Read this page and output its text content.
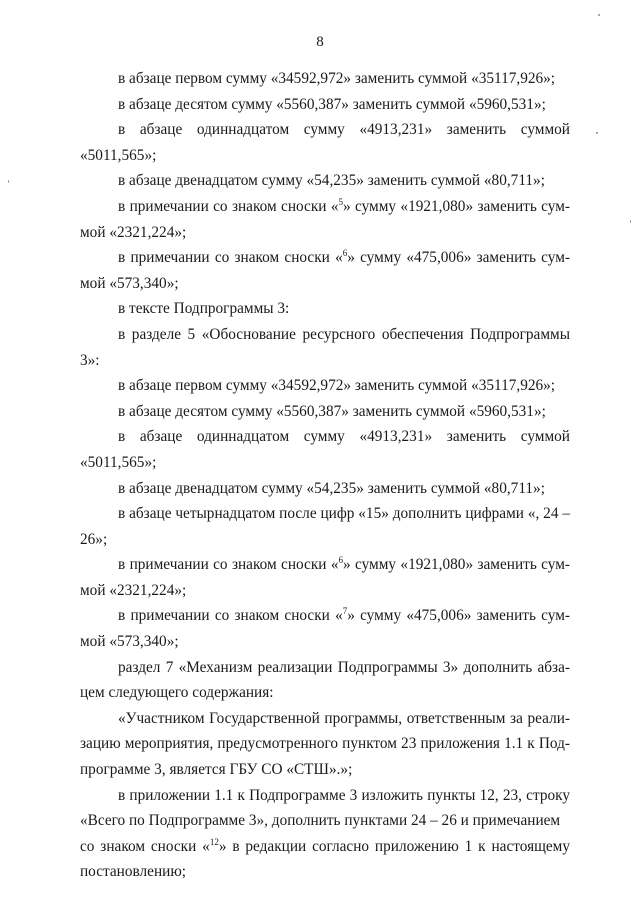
8

в абзаце первом сумму «34592,972» заменить суммой «35117,926»;

в абзаце десятом сумму «5560,387» заменить суммой «5960,531»;

в абзаце одиннадцатом сумму «4913,231» заменить суммой «5011,565»;

в абзаце двенадцатом сумму «54,235» заменить суммой «80,711»;

в примечании со знаком сноски «$^5$» сумму «1921,080» заменить сум-мой «2321,224»;

в примечании со знаком сноски «$^6$» сумму «475,006» заменить сум-мой «573,340»;

в тексте Подпрограммы 3:

в разделе 5 «Обоснование ресурсного обеспечения Подпрограммы 3»:

в абзаце первом сумму «34592,972» заменить суммой «35117,926»;

в абзаце десятом сумму «5560,387» заменить суммой «5960,531»;

в абзаце одиннадцатом сумму «4913,231» заменить суммой «5011,565»;

в абзаце двенадцатом сумму «54,235» заменить суммой «80,711»;

в абзаце четырнадцатом после цифр «15» дополнить цифрами «, 24 – 26»;

в примечании со знаком сноски «$^6$» сумму «1921,080» заменить сум-мой «2321,224»;

в примечании со знаком сноски «$^7$» сумму «475,006» заменить сум-мой «573,340»;

раздел 7 «Механизм реализации Подпрограммы 3» дополнить абза-цем следующего содержания:

«Участником Государственной программы, ответственным за реали-зацию мероприятия, предусмотренного пунктом 23 приложения 1.1 к Под-программе 3, является ГБУ СО «СТШ».»;

в приложении 1.1 к Подпрограмме 3 изложить пункты 12, 23, строку «Всего по Подпрограмме 3», дополнить пунктами 24 – 26 и примечанием

со знаком сноски «$^{12}$» в редакции согласно приложению 1 к настоящему постановлению;
